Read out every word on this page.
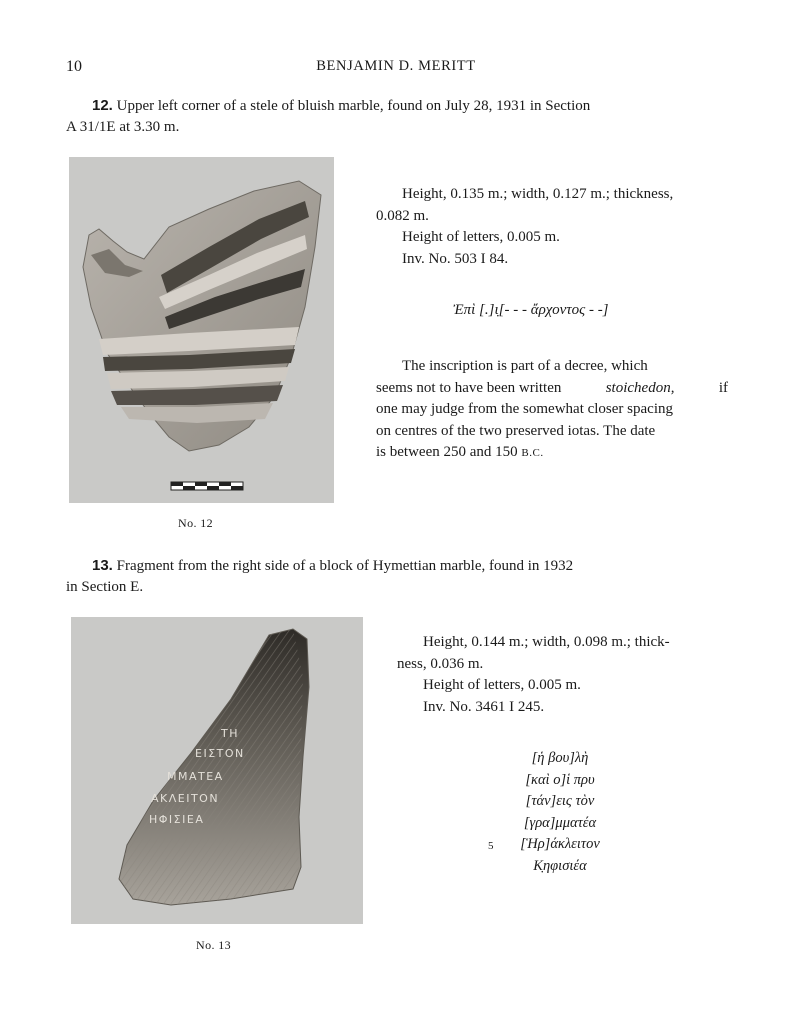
10	BENJAMIN D. MERITT
12. Upper left corner of a stele of bluish marble, found on July 28, 1931 in Section
A 31/1E at 3.30 m.
No. 12
Height, 0.135 m.; width, 0.127 m.; thickness,
0.082 m.
Height of letters, 0.005 m.
Inv. No. 503 I 84.
Ἐπὶ [.]ι̣[- - - ἄρχοντος - -]
The inscription is part of a decree, which
seems not to have been written	stoichedon,	if
one may judge from the somewhat closer spacing
on centres of the two preserved iotas. The date
is between 250 and 150 B.C.
13. Fragment from the right side of a block of Hymettian marble, found in 1932
in Section E.
ΤΗ
ΕΙΣΤΟΝ
ΜΜΑΤΕΑ
ΑΚΛΕΙΤΟΝ
ΗΦΙΣΙΕΑ
No. 13
Height, 0.144 m.; width, 0.098 m.; thick-
ness, 0.036 m.
Height of letters, 0.005 m.
Inv. No. 3461 I 245.
[ἡ βου]λὴ
[καὶ ο]ἱ πρυ
[τάν]εις τὸν
[γρα]μματέα
[Ἡρ]άκλειτον
Κ̣ηφισιέα
5
